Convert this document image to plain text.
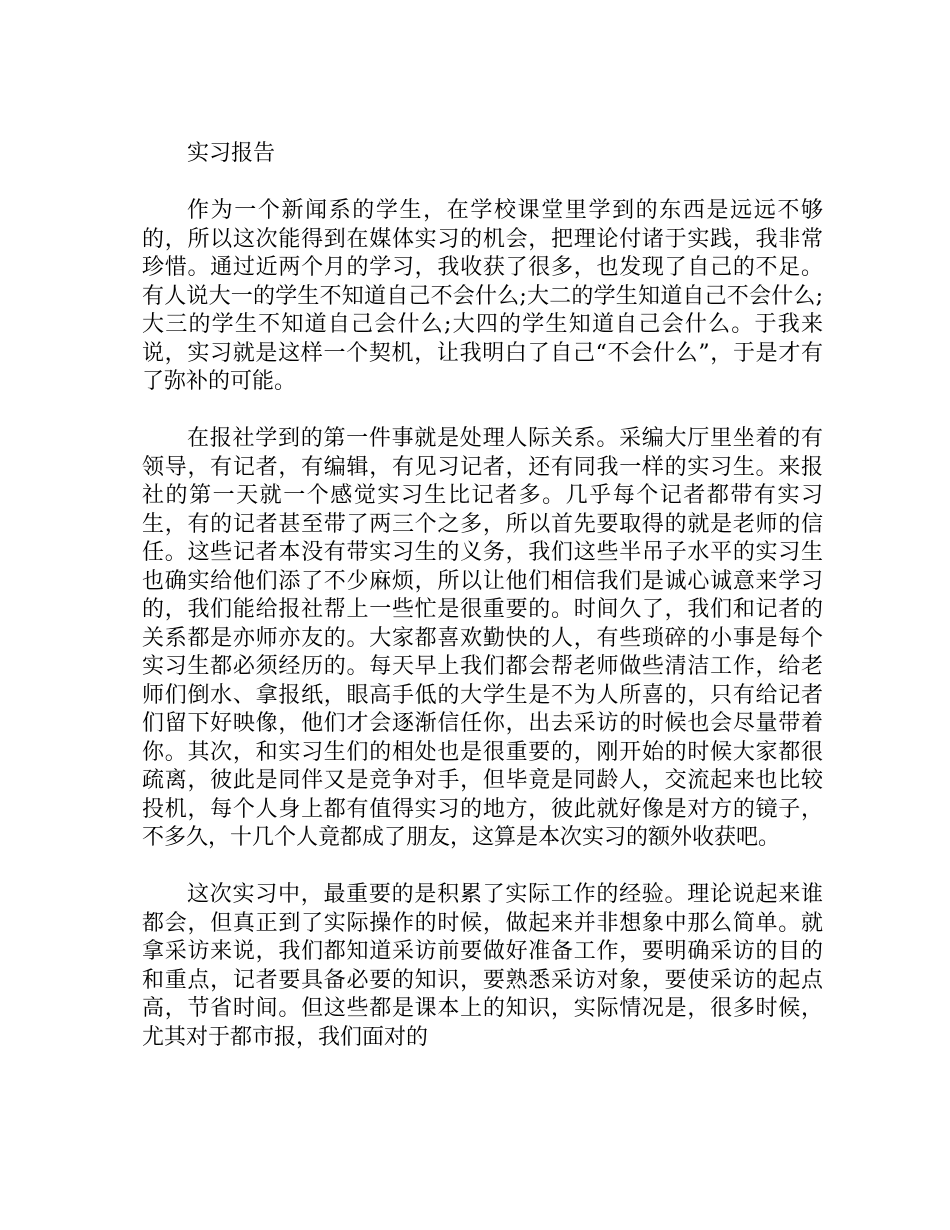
实习报告

作为一个新闻系的学生，在学校课堂里学到的东西是远远不够的，所以这次能得到在媒体实习的机会，把理论付诸于实践，我非常珍惜。通过近两个月的学习，我收获了很多，也发现了自己的不足。有人说大一的学生不知道自己不会什么;大二的学生知道自己不会什么;大三的学生不知道自己会什么;大四的学生知道自己会什么。于我来说，实习就是这样一个契机，让我明白了自己“不会什么”，于是才有了弥补的可能。

在报社学到的第一件事就是处理人际关系。采编大厅里坐着的有领导，有记者，有编辑，有见习记者，还有同我一样的实习生。来报社的第一天就一个感觉实习生比记者多。几乎每个记者都带有实习生，有的记者甚至带了两三个之多，所以首先要取得的就是老师的信任。这些记者本没有带实习生的义务，我们这些半吊子水平的实习生也确实给他们添了不少麻烦，所以让他们相信我们是诚心诚意来学习的，我们能给报社帮上一些忙是很重要的。时间久了，我们和记者的关系都是亦师亦友的。大家都喜欢勤快的人，有些琐碎的小事是每个实习生都必须经历的。每天早上我们都会帮老师做些清洁工作，给老师们倒水、拿报纸，眼高手低的大学生是不为人所喜的，只有给记者们留下好映像，他们才会逐渐信任你，出去采访的时候也会尽量带着你。其次，和实习生们的相处也是很重要的，刚开始的时候大家都很疏离，彼此是同伴又是竞争对手，但毕竟是同龄人，交流起来也比较投机，每个人身上都有值得实习的地方，彼此就好像是对方的镜子，不多久，十几个人竟都成了朋友，这算是本次实习的额外收获吧。

这次实习中，最重要的是积累了实际工作的经验。理论说起来谁都会，但真正到了实际操作的时候，做起来并非想象中那么简单。就拿采访来说，我们都知道采访前要做好准备工作，要明确采访的目的和重点，记者要具备必要的知识，要熟悉采访对象，要使采访的起点高，节省时间。但这些都是课本上的知识，实际情况是，很多时候，尤其对于都市报，我们面对的
